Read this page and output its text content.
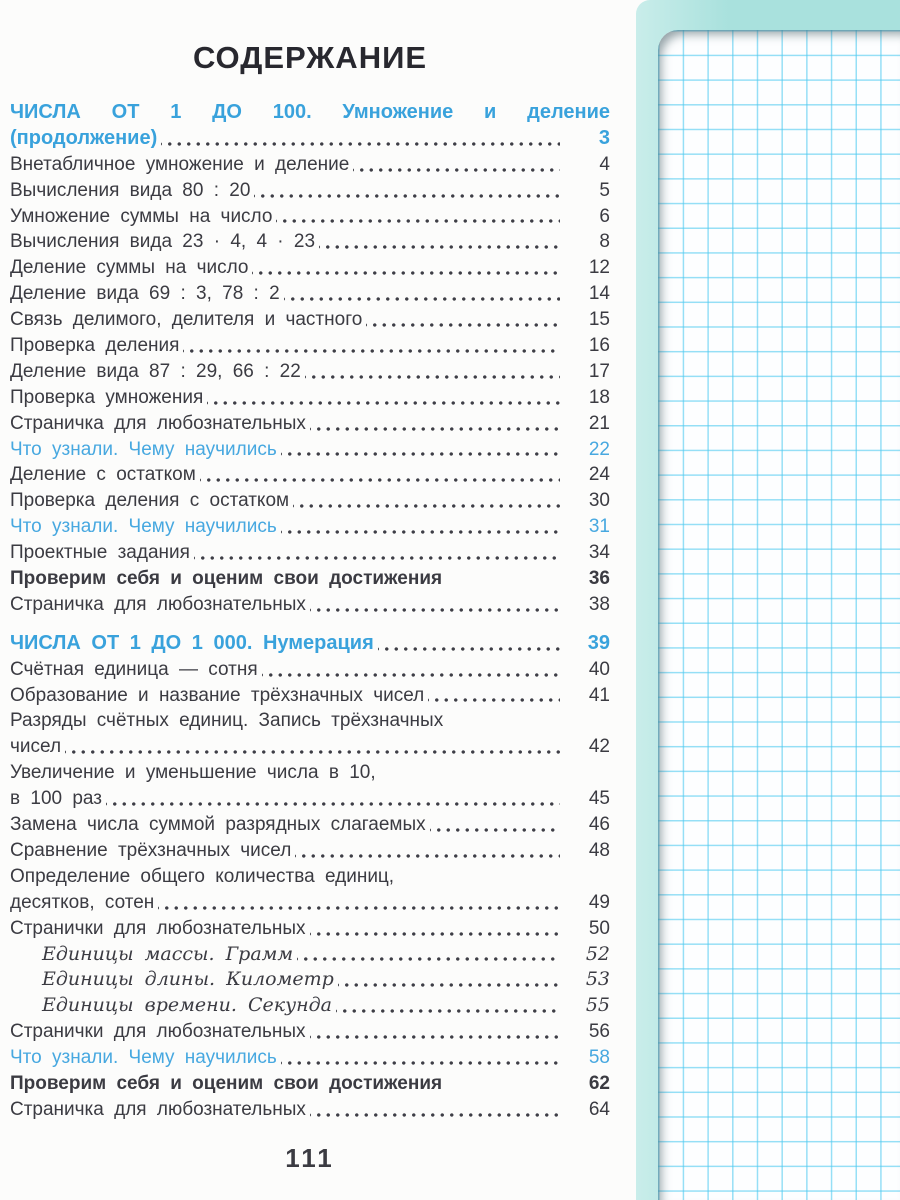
СОДЕРЖАНИЕ
ЧИСЛА ОТ 1 ДО 100. Умножение и деление
(продолжение)	3
Внетабличное умножение и деление	4
Вычисления вида 80 : 20	5
Умножение суммы на число	6
Вычисления вида 23 · 4, 4 · 23	8
Деление суммы на число	12
Деление вида 69 : 3, 78 : 2	14
Связь делимого, делителя и частного	15
Проверка деления	16
Деление вида 87 : 29, 66 : 22	17
Проверка умножения	18
Страничка для любознательных	21
Что узнали. Чему научились	22
Деление с остатком	24
Проверка деления с остатком	30
Что узнали. Чему научились	31
Проектные задания	34
Проверим себя и оценим свои достижения	36
Страничка для любознательных	38
ЧИСЛА ОТ 1 ДО 1 000. Нумерация	39
Счётная единица — сотня	40
Образование и название трёхзначных чисел	41
Разряды счётных единиц. Запись трёхзначных
чисел	42
Увеличение и уменьшение числа в 10,
в 100 раз	45
Замена числа суммой разрядных слагаемых	46
Сравнение трёхзначных чисел	48
Определение общего количества единиц,
десятков, сотен	49
Странички для любознательных	50
Единицы массы. Грамм	52
Единицы длины. Километр	53
Единицы времени. Секунда	55
Странички для любознательных	56
Что узнали. Чему научились	58
Проверим себя и оценим свои достижения	62
Страничка для любознательных	64
111
